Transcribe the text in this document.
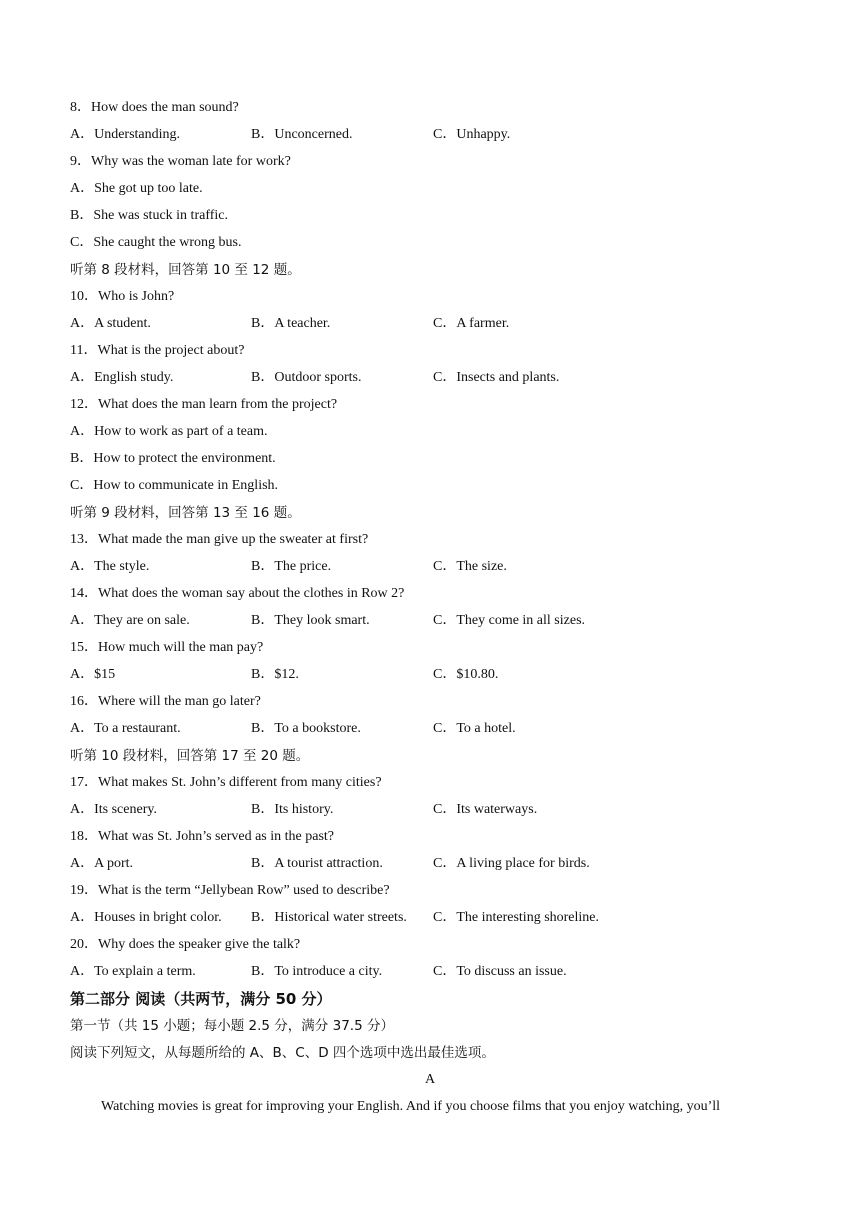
8．How does the man sound?
A．Understanding.	B．Unconcerned.	C．Unhappy.
9．Why was the woman late for work?
A．She got up too late.
B．She was stuck in traffic.
C．She caught the wrong bus.
听第 8 段材料，回答第 10 至 12 题。
10．Who is John?
A．A student.	B．A teacher.	C．A farmer.
11．What is the project about?
A．English study.	B．Outdoor sports.	C．Insects and plants.
12．What does the man learn from the project?
A．How to work as part of a team.
B．How to protect the environment.
C．How to communicate in English.
听第 9 段材料，回答第 13 至 16 题。
13．What made the man give up the sweater at first?
A．The style.	B．The price.	C．The size.
14．What does the woman say about the clothes in Row 2?
A．They are on sale.	B．They look smart.	C．They come in all sizes.
15．How much will the man pay?
A．$15	B．$12.	C．$10.80.
16．Where will the man go later?
A．To a restaurant.	B．To a bookstore.	C．To a hotel.
听第 10 段材料，回答第 17 至 20 题。
17．What makes St. John’s different from many cities?
A．Its scenery.	B．Its history.	C．Its waterways.
18．What was St. John’s served as in the past?
A．A port.	B．A tourist attraction.	C．A living place for birds.
19．What is the term “Jellybean Row” used to describe?
A．Houses in bright color.	B．Historical water streets.	C．The interesting shoreline.
20．Why does the speaker give the talk?
A．To explain a term.	B．To introduce a city.	C．To discuss an issue.
第二部分 阅读（共两节，满分 50 分）
第一节（共 15 小题；每小题 2.5 分，满分 37.5 分）
阅读下列短文，从每题所给的 A、B、C、D 四个选项中选出最佳选项。
A
Watching movies is great for improving your English. And if you choose films that you enjoy watching, you’ll
